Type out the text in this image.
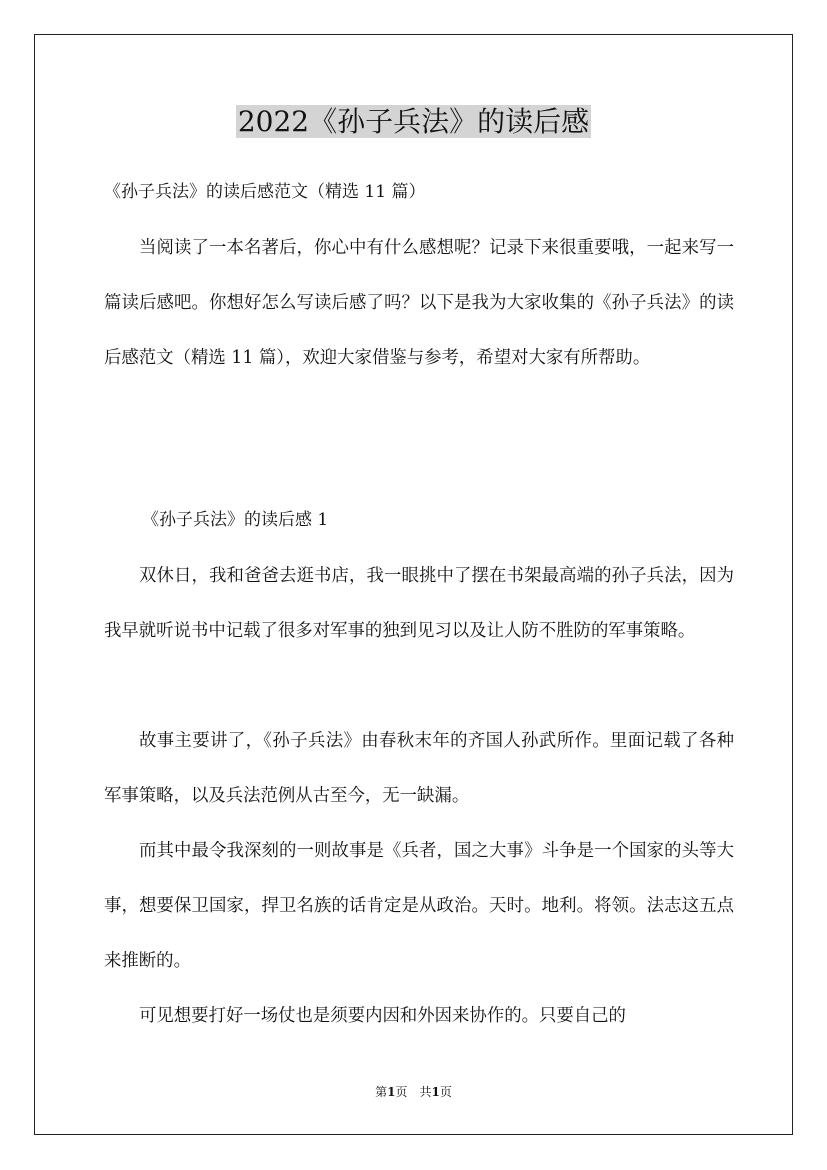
2022《孙子兵法》的读后感
《孙子兵法》的读后感范文（精选 11 篇）

当阅读了一本名著后，你心中有什么感想呢？记录下来很重要哦，一起来写一篇读后感吧。你想好怎么写读后感了吗？以下是我为大家收集的《孙子兵法》的读后感范文（精选 11 篇），欢迎大家借鉴与参考，希望对大家有所帮助。

《孙子兵法》的读后感 1

双休日，我和爸爸去逛书店，我一眼挑中了摆在书架最高端的孙子兵法，因为我早就听说书中记载了很多对军事的独到见习以及让人防不胜防的军事策略。

故事主要讲了，《孙子兵法》由春秋末年的齐国人孙武所作。里面记载了各种军事策略，以及兵法范例从古至今，无一缺漏。

而其中最令我深刻的一则故事是《兵者，国之大事》斗争是一个国家的头等大事，想要保卫国家，捍卫名族的话肯定是从政治。天时。地利。将领。法志这五点来推断的。

可见想要打好一场仗也是须要内因和外因来协作的。只要自己的

第1页　共1页
